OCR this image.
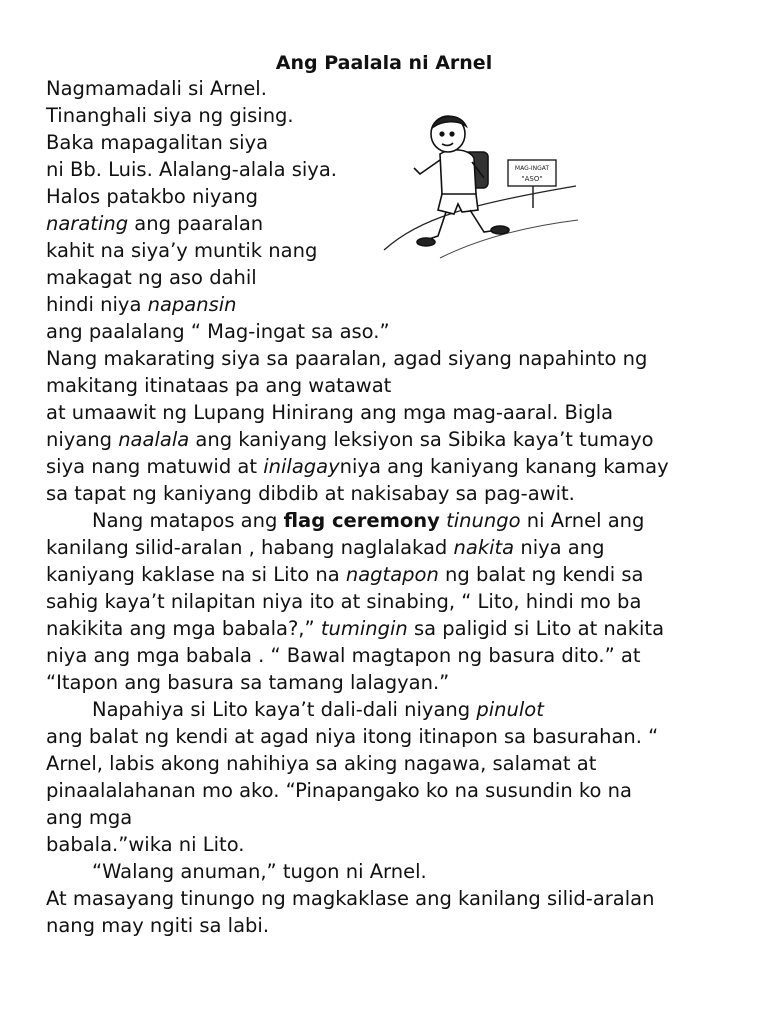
Ang Paalala ni Arnel
MAG-INGAT
"ASO"
Nagmamadali si Arnel.
Tinanghali siya ng gising.
Baka mapagalitan siya
ni Bb. Luis. Alalang-alala siya.
Halos patakbo niyang
narating ang paaralan
kahit na siya’y muntik nang
makagat ng aso dahil
hindi niya napansin
ang paalalang “ Mag-ingat sa aso.”
Nang makarating siya sa paaralan, agad siyang napahinto ng
makitang itinataas pa ang watawat
at umaawit ng Lupang Hinirang ang mga mag-aaral. Bigla
niyang naalala ang kaniyang leksiyon sa Sibika kaya’t tumayo
siya nang matuwid at inilagayniya ang kaniyang kanang kamay
sa tapat ng kaniyang dibdib at nakisabay sa pag-awit.
Nang matapos ang flag ceremony tinungo ni Arnel ang
kanilang silid-aralan , habang naglalakad nakita niya ang
kaniyang kaklase na si Lito na nagtapon ng balat ng kendi sa
sahig kaya’t nilapitan niya ito at sinabing, “ Lito, hindi mo ba
nakikita ang mga babala?,” tumingin sa paligid si Lito at nakita
niya ang mga babala . “ Bawal magtapon ng basura dito.” at
“Itapon ang basura sa tamang lalagyan.”
Napahiya si Lito kaya’t dali-dali niyang pinulot
ang balat ng kendi at agad niya itong itinapon sa basurahan. “
Arnel, labis akong nahihiya sa aking nagawa, salamat at
pinaalalahanan mo ako. “Pinapangako ko na susundin ko na
ang mga
babala.”wika ni Lito.
“Walang anuman,” tugon ni Arnel.
At masayang tinungo ng magkaklase ang kanilang silid-aralan
nang may ngiti sa labi.
